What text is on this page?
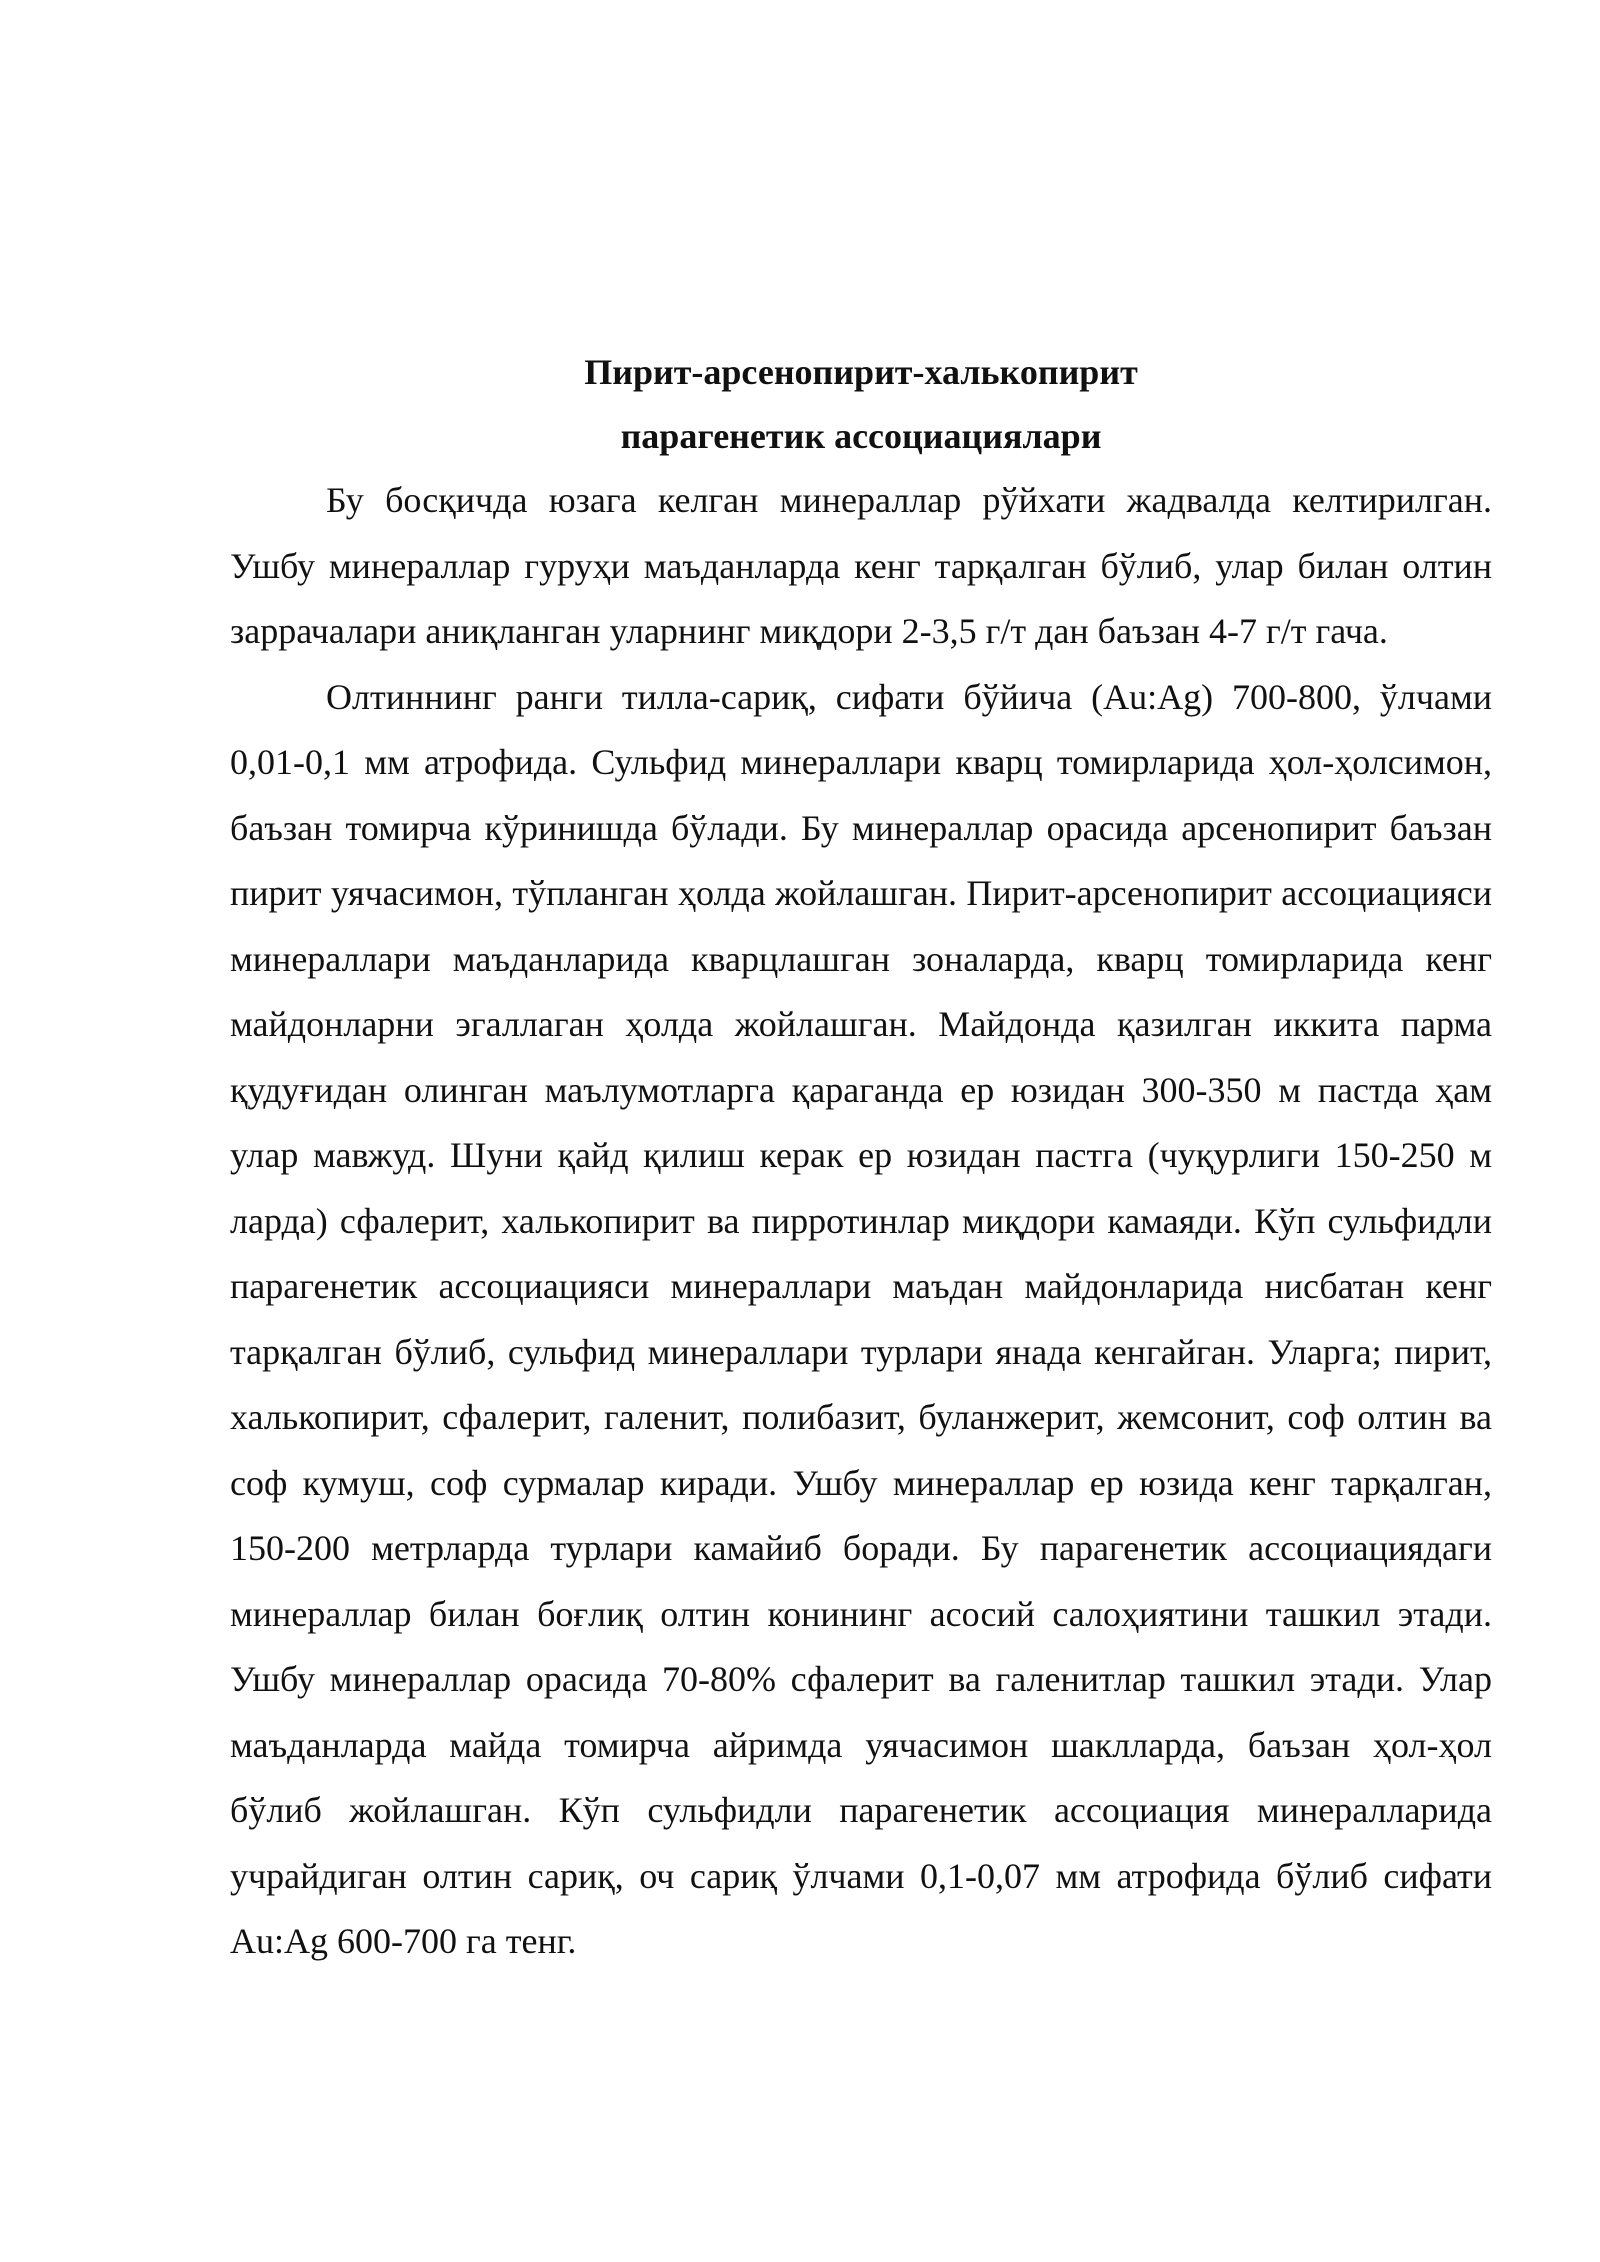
Пирит-арсенопирит-халькопирит
парагенетик ассоциациялари

Бу босқичда юзага келган минераллар рўйхати жадвалда келтирилган. Ушбу минераллар гуруҳи маъданларда кенг тарқалган бўлиб, улар билан олтин заррачалари аниқланган уларнинг миқдори 2-3,5 г/т дан баъзан 4-7 г/т гача.

Олтиннинг ранги тилла-сариқ, сифати бўйича (Au:Ag) 700-800, ўлчами 0,01-0,1 мм атрофида. Сульфид минераллари кварц томирларида ҳол-ҳолсимон, баъзан томирча кўринишда бўлади. Бу минераллар орасида арсенопирит баъзан пирит уячасимон, тўпланган ҳолда жойлашган. Пирит-арсенопирит ассоциацияси минераллари маъданларида кварцлашган зоналарда, кварц томирларида кенг майдонларни эгаллаган ҳолда жойлашган. Майдонда қазилган иккита парма қудуғидан олинган маълумотларга қараганда ер юзидан 300-350 м пастда ҳам улар мавжуд. Шуни қайд қилиш керак ер юзидан пастга (чуқурлиги 150-250 м ларда) сфалерит, халькопирит ва пирротинлар миқдори камаяди. Кўп сульфидли парагенетик ассоциацияси минераллари маъдан майдонларида нисбатан кенг тарқалган бўлиб, сульфид минераллари турлари янада кенгайган. Уларга; пирит, халькопирит, сфалерит, галенит, полибазит, буланжерит, жемсонит, соф олтин ва соф кумуш, соф сурмалар киради. Ушбу минераллар ер юзида кенг тарқалган, 150-200 метрларда турлари камайиб боради. Бу парагенетик ассоциациядаги минераллар билан боғлиқ олтин конининг асосий салоҳиятини ташкил этади. Ушбу минераллар орасида 70-80% сфалерит ва галенитлар ташкил этади. Улар маъданларда майда томирча айримда уячасимон шаклларда, баъзан ҳол-ҳол бўлиб жойлашган. Кўп сульфидли парагенетик ассоциация минералларида учрайдиган олтин сариқ, оч сариқ ўлчами 0,1-0,07 мм атрофида бўлиб сифати Au:Ag 600-700 га тенг.
